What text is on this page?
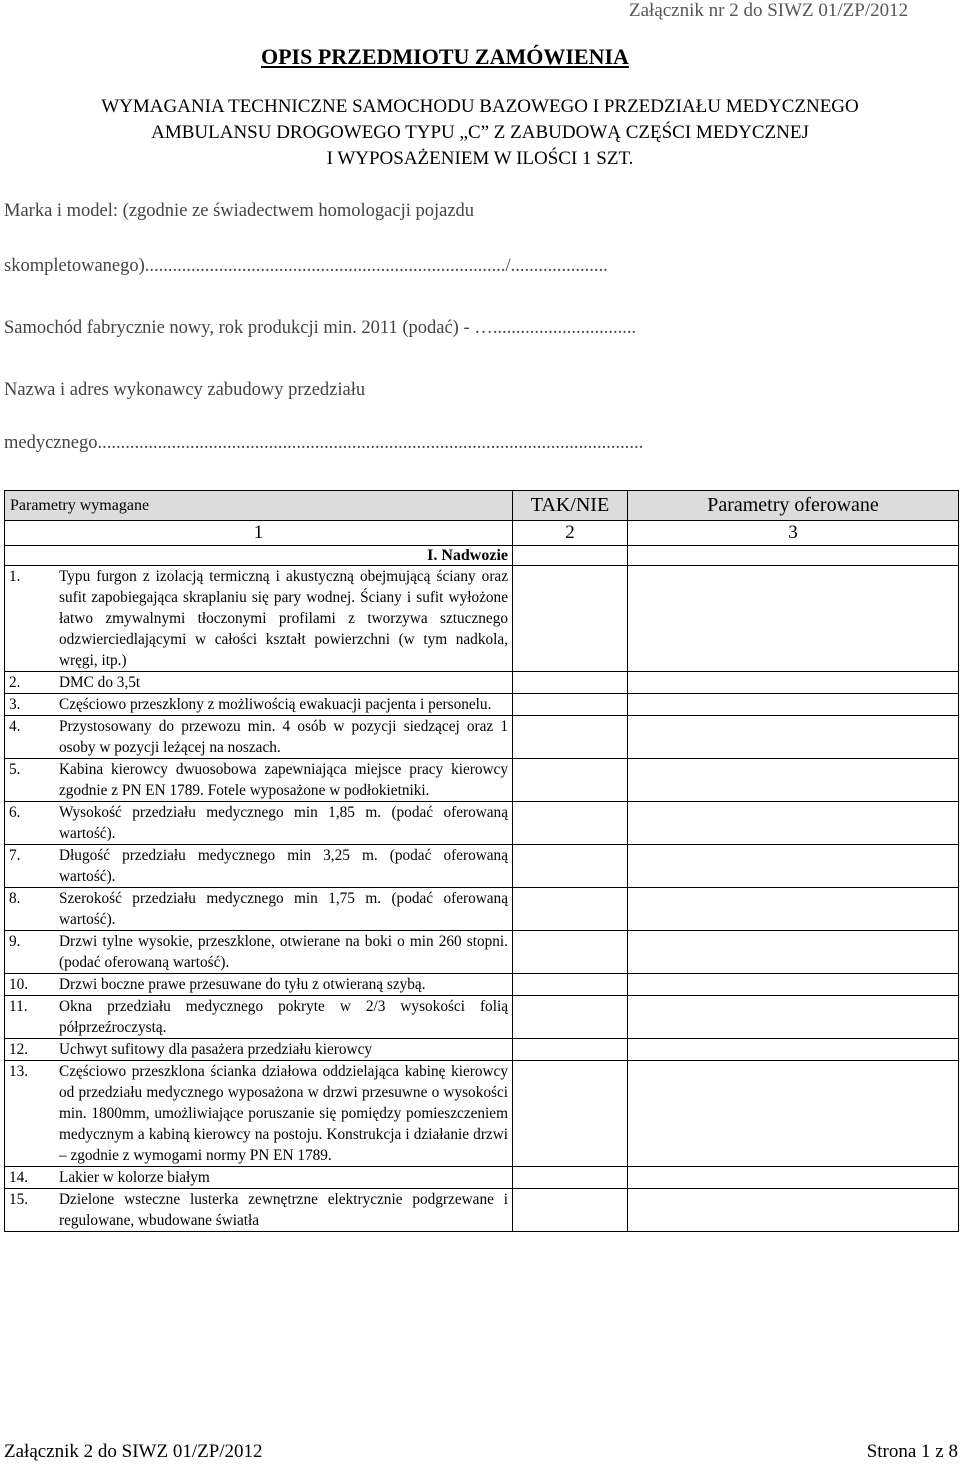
Załącznik nr 2 do SIWZ 01/ZP/2012
OPIS PRZEDMIOTU ZAMÓWIENIA
WYMAGANIA TECHNICZNE SAMOCHODU BAZOWEGO I PRZEDZIAŁU MEDYCZNEGO
AMBULANSU DROGOWEGO TYPU „C” Z ZABUDOWĄ CZĘŚCI MEDYCZNEJ
I WYPOSAŻENIEM W ILOŚCI 1 SZT.
Marka i model: (zgodnie ze świadectwem homologacji pojazdu
skompletowanego)............................................................................../.....................
Samochód fabrycznie nowy, rok produkcji min. 2011 (podać) - …...............................
Nazwa i adres wykonawcy zabudowy przedziału
medycznego......................................................................................................................
Parametry wymagane	TAK/NIE	Parametry oferowane
1	2	3
I. Nadwozie		

1. Typu furgon z izolacją termiczną i akustyczną obejmującą ściany oraz sufit zapobiegająca skraplaniu się pary wodnej. Ściany i sufit wyłożone łatwo zmywalnymi tłoczonymi profilami z tworzywa sztucznego odzwierciedlającymi w całości kształt powierzchni (w tym nadkola, wręgi, itp.)		

2. DMC do 3,5t		

3. Częściowo przeszklony z możliwością ewakuacji pacjenta i personelu.		

4. Przystosowany do przewozu min. 4 osób w pozycji siedzącej oraz 1 osoby w pozycji leżącej na noszach.		

5. Kabina kierowcy dwuosobowa zapewniająca miejsce pracy kierowcy zgodnie z PN EN 1789. Fotele wyposażone w podłokietniki.		

6. Wysokość przedziału medycznego min 1,85 m. (podać oferowaną wartość).		

7. Długość przedziału medycznego min 3,25 m. (podać oferowaną wartość).		

8. Szerokość przedziału medycznego min 1,75 m. (podać oferowaną wartość).		

9. Drzwi tylne wysokie, przeszklone, otwierane na boki o min 260 stopni. (podać oferowaną wartość).		

10. Drzwi boczne prawe przesuwane do tyłu z otwieraną szybą.		

11. Okna przedziału medycznego pokryte w 2/3 wysokości folią półprzeźroczystą.		

12. Uchwyt sufitowy dla pasażera przedziału kierowcy		

13. Częściowo przeszklona ścianka działowa oddzielająca kabinę kierowcy od przedziału medycznego wyposażona w drzwi przesuwne o wysokości min. 1800mm, umożliwiające poruszanie się pomiędzy pomieszczeniem medycznym a kabiną kierowcy na postoju. Konstrukcja i działanie drzwi – zgodnie z wymogami normy PN EN 1789.		

14. Lakier w kolorze białym		

15. Dzielone wsteczne lusterka zewnętrzne elektrycznie podgrzewane i regulowane, wbudowane światła		

Załącznik 2 do SIWZ 01/ZP/2012	Strona 1 z 8
